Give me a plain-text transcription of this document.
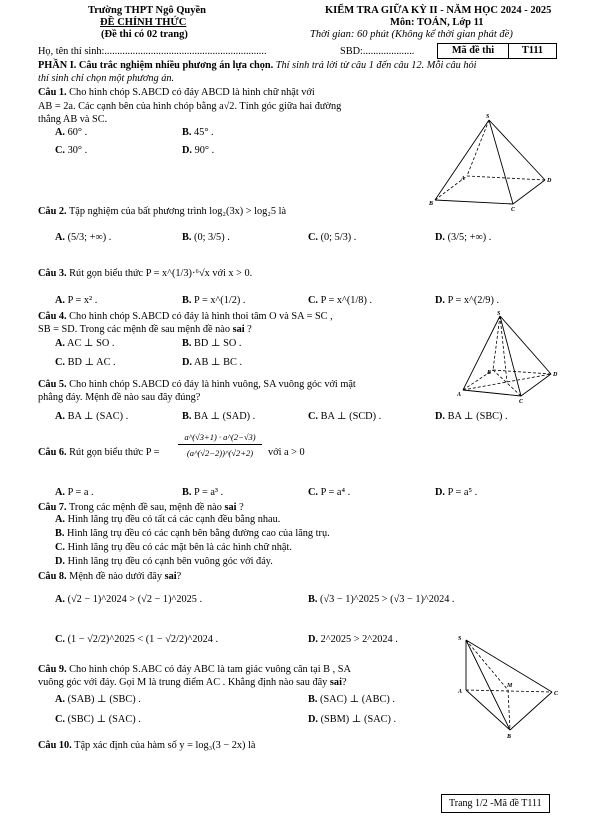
Trường THPT Ngô Quyền
ĐỀ CHÍNH THỨC
(Đề thi có 02 trang)
KIỂM TRA GIỮA KỲ II - NĂM HỌC 2024 - 2025
Môn: TOÁN, Lớp 11
Thời gian: 60 phút (Không kể thời gian phát đề)
Họ, tên thí sinh:...............................................................	SBD:....................	Mã đề thi	T111
PHẦN I. Câu trắc nghiệm nhiều phương án lựa chọn. Thí sinh trả lời từ câu 1 đến câu 12. Mỗi câu hỏi
thí sinh chỉ chọn một phương án.
Câu 1. Cho hình chóp S.ABCD có đáy ABCD là hình chữ nhật với
AB = 2a. Các cạnh bên của hình chóp bằng a√2. Tính góc giữa hai đường
thẳng AB và SC.
A. 60° .	B. 45° .
C. 30° .	D. 90° .
S
B
C
D
A
Câu 2. Tập nghiệm của bất phương trình log₂(3x) > log₂5 là
A. (5/3; +∞) .	B. (0; 3/5) .	C. (0; 5/3) .	D. (3/5; +∞) .
Câu 3. Rút gọn biểu thức P = x^(1/3)·⁶√x với x > 0.
A. P = x² .	B. P = x^(1/2) .	C. P = x^(1/8) .	D. P = x^(2/9) .
Câu 4. Cho hình chóp S.ABCD có đáy là hình thoi tâm O và SA = SC ,
SB = SD. Trong các mệnh đề sau mệnh đề nào sai ?
A. AC ⊥ SO .	B. BD ⊥ SO .
C. BD ⊥ AC .	D. AB ⊥ BC .
S
A
C
D
B
Câu 5. Cho hình chóp S.ABCD có đáy là hình vuông, SA vuông góc với mặt
phẳng đáy. Mệnh đề nào sau đây đúng?
A. BA ⊥ (SAC) .	B. BA ⊥ (SAD) .	C. BA ⊥ (SCD) .	D. BA ⊥ (SBC) .
Câu 6. Rút gọn biểu thức $P = \frac{a\^{}(√3+1) \cdot a\^{}(2-√3)}{(a\^{}(√2-2))\^{}(√2+2)}$ với a > 0
A. P = a .	B. P = a³ .	C. P = a⁴ .	D. P = a⁵ .
Câu 7. Trong các mệnh đề sau, mệnh đề nào sai ?
A. Hình lăng trụ đều có tất cả các cạnh đều bằng nhau.
B. Hình lăng trụ đều có các cạnh bên bằng đường cao của lăng trụ.
C. Hình lăng trụ đều có các mặt bên là các hình chữ nhật.
D. Hình lăng trụ đều có cạnh bên vuông góc với đáy.
Câu 8. Mệnh đề nào dưới đây sai?
A. (√2 − 1)^2024 > (√2 − 1)^2025 .	B. (√3 − 1)^2025 > (√3 − 1)^2024 .
C. (1 − √2/2)^2025 < (1 − √2/2)^2024 .	D. 2^2025 > 2^2024 .
Câu 9. Cho hình chóp S.ABC có đáy ABC là tam giác vuông cân tại B , SA
vuông góc với đáy. Gọi M là trung điểm AC . Khẳng định nào sau đây sai?
A. (SAB) ⊥ (SBC) .	B. (SAC) ⊥ (ABC) .
C. (SBC) ⊥ (SAC) .	D. (SBM) ⊥ (SAC) .
S
A
B
C
M
Câu 10. Tập xác định của hàm số y = log₃(3 − 2x) là
Trang 1/2 -Mã đề T111
